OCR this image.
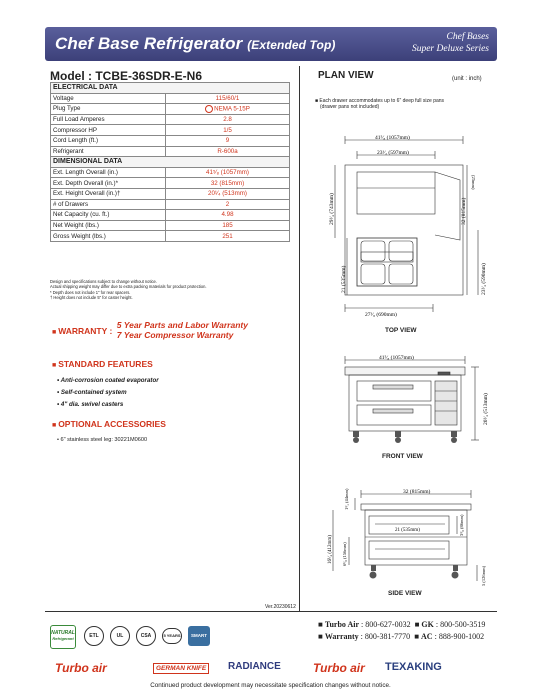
Chef Base Refrigerator (Extended Top)
Chef Bases
Super Deluxe Series
Model : TCBE-36SDR-E-N6
ELECTRICAL DATA	
Voltage	115/60/1
Plug Type	NEMA 5-15P
Full Load Amperes	2.8
Compressor HP	1/5
Cord Length (ft.)	9
Refrigerant	R-600a
DIMENSIONAL DATA	
Ext. Length Overall (in.)	41⁵⁄₈ (1057mm)
Ext. Depth Overall (in.)*	32 (815mm)
Ext. Height Overall (in.)†	20¹⁄₄ (513mm)
# of Drawers	2
Net Capacity (cu. ft.)	4.98
Net Weight (lbs.)	185
Gross Weight (lbs.)	251
Design and specifications subject to change without notice.
Actual shipping weight may differ due to extra packing materials for product protection.
* Depth does not include 1" for rear spacers.
† Height does not include 5" for caster height.
■ WARRANTY :
5 Year Parts and Labor Warranty
7 Year Compressor Warranty
■ STANDARD FEATURES
• Anti-corrosion coated evaporator
• Self-contained system
• 4" dia. swivel casters
■ OPTIONAL ACCESSORIES
• 6" stainless steel leg: 30221M0600
Ver.20230612
PLAN VIEW	(unit : inch)
■ Each drawer accommodates up to 6" deep full size pans
(drawer pans not included)
41⁵⁄₈ (1057mm)
23¹⁄₂ (597mm)
(25mm)
32 (815mm)
29¹⁄₄ (743mm)
21 (535mm)	23¹⁄₄ (590mm)
27¹⁄₈ (690mm)
TOP VIEW
41⁵⁄₈ (1057mm)
20¹⁄₄ (513mm)
FRONT VIEW
32 (815mm)
1³⁄₄ (44mm)
21 (535mm)
16¹⁄₄ (412mm) 6¹⁄₈ (156mm)
3³⁄₈ (86mm)
5 (126mm)
SIDE VIEW
NATURAL
Refrigerant	ETL	UL	CSA	5 YEARS	SMART
■ Turbo Air : 800-627-0032  ■ GK : 800-500-3519
■ Warranty : 800-381-7770  ■ AC : 888-900-1002
Turbo air	GERMAN KNIFE	RADIANCE	Turbo air TEXAKING
Continued product development may necessitate specification changes without notice.
